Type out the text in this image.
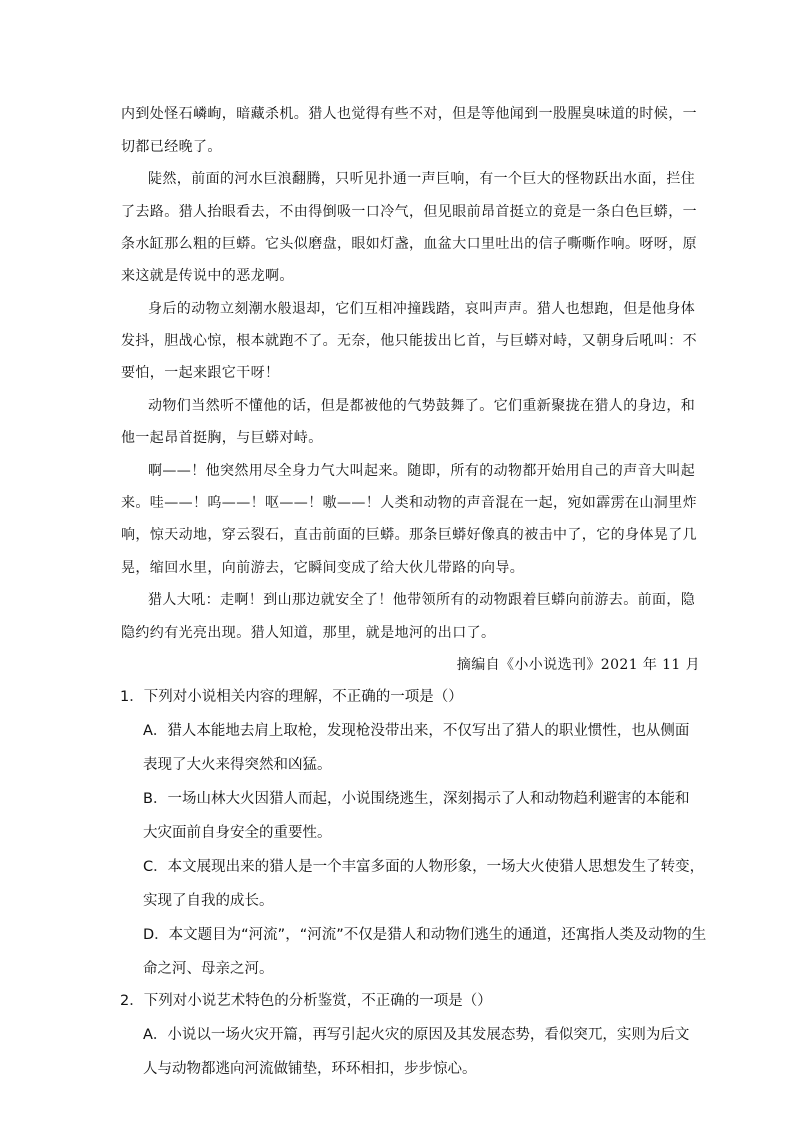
内到处怪石嶙峋，暗藏杀机。猎人也觉得有些不对，但是等他闻到一股腥臭味道的时候，一
切都已经晚了。
陡然，前面的河水巨浪翻腾，只听见扑通一声巨响，有一个巨大的怪物跃出水面，拦住
了去路。猎人抬眼看去，不由得倒吸一口冷气，但见眼前昂首挺立的竟是一条白色巨蟒，一
条水缸那么粗的巨蟒。它头似磨盘，眼如灯盏，血盆大口里吐出的信子嘶嘶作响。呀呀，原
来这就是传说中的恶龙啊。
身后的动物立刻潮水般退却，它们互相冲撞践踏，哀叫声声。猎人也想跑，但是他身体
发抖，胆战心惊，根本就跑不了。无奈，他只能拔出匕首，与巨蟒对峙，又朝身后吼叫：不
要怕，一起来跟它干呀！
动物们当然听不懂他的话，但是都被他的气势鼓舞了。它们重新聚拢在猎人的身边，和
他一起昂首挺胸，与巨蟒对峙。
啊——！他突然用尽全身力气大叫起来。随即，所有的动物都开始用自己的声音大叫起
来。哇——！呜——！呕——！嗷——！人类和动物的声音混在一起，宛如霹雳在山洞里炸
响，惊天动地，穿云裂石，直击前面的巨蟒。那条巨蟒好像真的被击中了，它的身体晃了几
晃，缩回水里，向前游去，它瞬间变成了给大伙儿带路的向导。
猎人大吼：走啊！到山那边就安全了！他带领所有的动物跟着巨蟒向前游去。前面，隐
隐约约有光亮出现。猎人知道，那里，就是地河的出口了。
摘编自《小小说选刊》2021 年 11 月
1．下列对小说相关内容的理解，不正确的一项是（）
A．猎人本能地去肩上取枪，发现枪没带出来，不仅写出了猎人的职业惯性，也从侧面
表现了大火来得突然和凶猛。
B．一场山林大火因猎人而起，小说围绕逃生，深刻揭示了人和动物趋利避害的本能和
大灾面前自身安全的重要性。
C．本文展现出来的猎人是一个丰富多面的人物形象，一场大火使猎人思想发生了转变，
实现了自我的成长。
D．本文题目为“河流”，“河流”不仅是猎人和动物们逃生的通道，还寓指人类及动物的生
命之河、母亲之河。
2．下列对小说艺术特色的分析鉴赏，不正确的一项是（）
A．小说以一场火灾开篇，再写引起火灾的原因及其发展态势，看似突兀，实则为后文
人与动物都逃向河流做铺垫，环环相扣，步步惊心。
